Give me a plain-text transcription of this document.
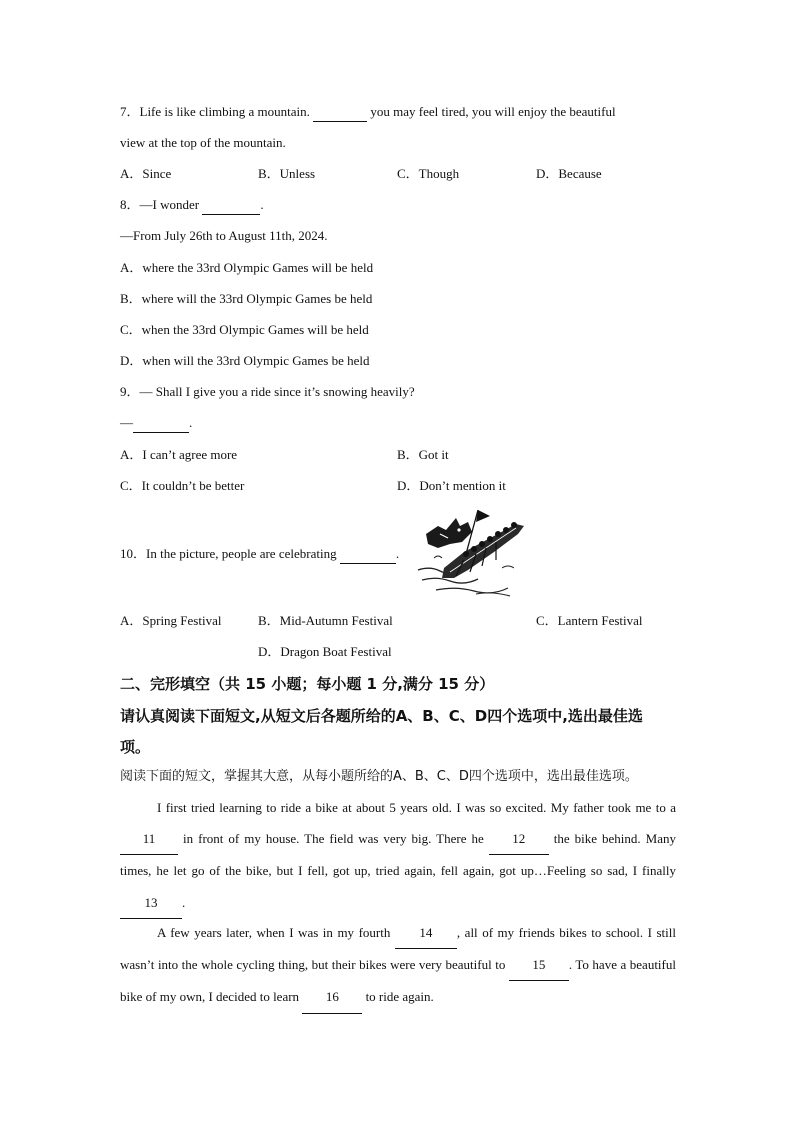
7．Life is like climbing a mountain.	you may feel tired, you will enjoy the beautiful
view at the top of the mountain.
A．Since	B．Unless	C．Though	D．Because
8．—I wonder	.
—From July 26th to August 11th, 2024.
A．where the 33rd Olympic Games will be held
B．where will the 33rd Olympic Games be held
C．when the 33rd Olympic Games will be held
D．when will the 33rd Olympic Games be held
9．— Shall I give you a ride since it’s snowing heavily?
—	.
A．I can’t agree more	B．Got it
C．It couldn’t be better	D．Don’t mention it
10．In the picture, people are celebrating	.
A．Spring Festival	B．Mid-Autumn Festival	C．Lantern Festival
D．Dragon Boat Festival
二、完形填空（共 15 小题；每小题 1 分,满分 15 分）
请认真阅读下面短文,从短文后各题所给的A、B、C、D四个选项中,选出最佳选
项。
阅读下面的短文，掌握其大意，从每小题所给的A、B、C、D四个选项中，选出最佳选项。
I first tried learning to ride a bike at about 5 years old. I was so excited. My father took me to a 11 in front of my house. The field was very big. There he 12 the bike behind. Many times, he let go of the bike, but I fell, got up, tried again, fell again, got up…Feeling so sad, I finally 13 .
A few years later, when I was in my fourth 14 , all of my friends bikes to school. I still wasn’t into the whole cycling thing, but their bikes were very beautiful to 15 . To have a beautiful bike of my own, I decided to learn 16 to ride again.
